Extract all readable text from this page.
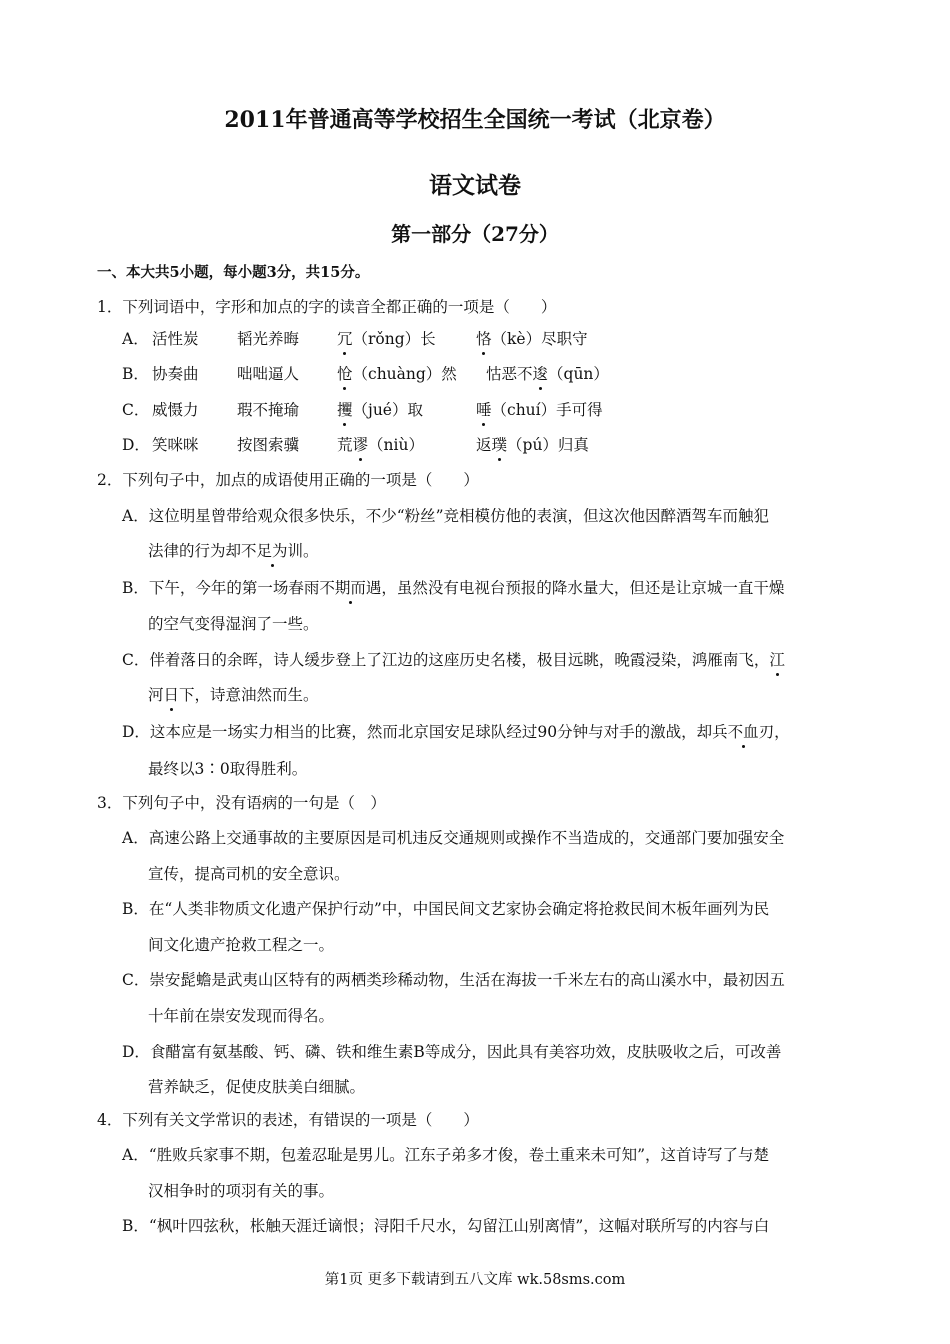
2011年普通高等学校招生全国统一考试（北京卷）
语文试卷
第一部分（27分）
一、本大共5小题，每小题3分，共15分。
1．下列词语中，字形和加点的字的读音全都正确的一项是（　　）
A． 活性炭 韬光养晦 冗（rǒng）长	恪（kè）尽职守
B． 协奏曲 咄咄逼人 怆（chuàng）然 怙恶不逡（qūn）
C． 威慑力 瑕不掩瑜 攫（jué）取	唾（chuí）手可得
D． 笑咪咪 按图索骥 荒谬（niù）	返璞（pú）归真
2．下列句子中，加点的成语使用正确的一项是（　　）
A．这位明星曾带给观众很多快乐，不少“粉丝”竞相模仿他的表演，但这次他因醉酒驾车而触犯
法律的行为却不足为训。
B．下午，今年的第一场春雨不期而遇，虽然没有电视台预报的降水量大，但还是让京城一直干燥
的空气变得湿润了一些。
C．伴着落日的余晖，诗人缓步登上了江边的这座历史名楼，极目远眺，晚霞浸染，鸿雁南飞，江
河日下，诗意油然而生。
D．这本应是一场实力相当的比赛，然而北京国安足球队经过90分钟与对手的激战，却兵不血刃，
最终以3∶0取得胜利。
3．下列句子中，没有语病的一句是（　）
A．高速公路上交通事故的主要原因是司机违反交通规则或操作不当造成的，交通部门要加强安全
宣传，提高司机的安全意识。
B．在“人类非物质文化遗产保护行动”中，中国民间文艺家协会确定将抢救民间木板年画列为民
间文化遗产抢救工程之一。
C．崇安髭蟾是武夷山区特有的两栖类珍稀动物，生活在海拔一千米左右的高山溪水中，最初因五
十年前在崇安发现而得名。
D．食醋富有氨基酸、钙、磷、铁和维生素B等成分，因此具有美容功效，皮肤吸收之后，可改善
营养缺乏，促使皮肤美白细腻。
4．下列有关文学常识的表述，有错误的一项是（　　）
A．“胜败兵家事不期，包羞忍耻是男儿。江东子弟多才俊，卷土重来未可知”，这首诗写了与楚
汉相争时的项羽有关的事。
B．“枫叶四弦秋，枨触天涯迁谪恨；浔阳千尺水，勾留江山别离情”，这幅对联所写的内容与白
第1页 更多下载请到五八文库 wk.58sms.com
